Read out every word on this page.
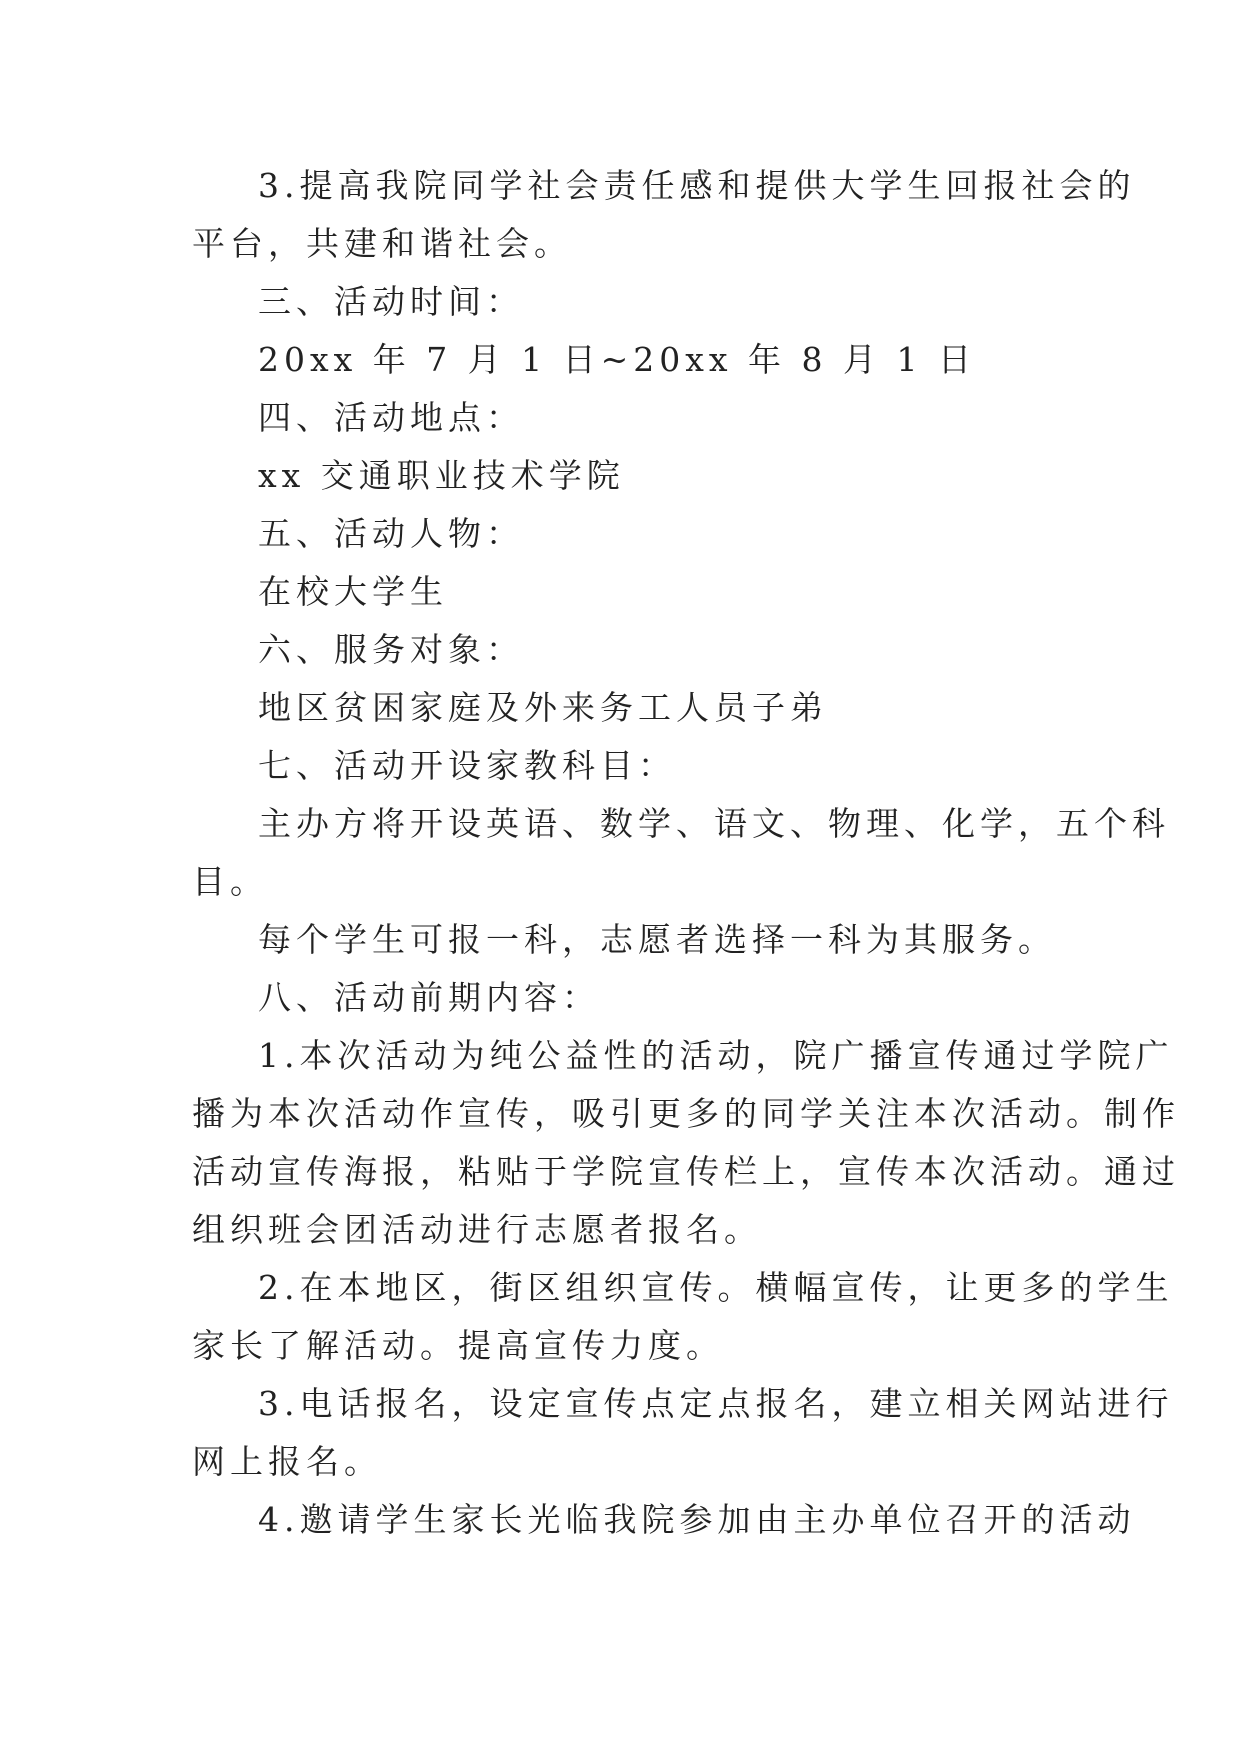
3.提高我院同学社会责任感和提供大学生回报社会的
平台，共建和谐社会。
三、活动时间：
20xx 年 7 月 1 日~20xx 年 8 月 1 日
四、活动地点：
xx 交通职业技术学院
五、活动人物：
在校大学生
六、服务对象：
地区贫困家庭及外来务工人员子弟
七、活动开设家教科目：
主办方将开设英语、数学、语文、物理、化学，五个科
目。
每个学生可报一科，志愿者选择一科为其服务。
八、活动前期内容：
1.本次活动为纯公益性的活动，院广播宣传通过学院广
播为本次活动作宣传，吸引更多的同学关注本次活动。制作
活动宣传海报，粘贴于学院宣传栏上，宣传本次活动。通过
组织班会团活动进行志愿者报名。
2.在本地区，街区组织宣传。横幅宣传，让更多的学生
家长了解活动。提高宣传力度。
3.电话报名，设定宣传点定点报名，建立相关网站进行
网上报名。
4.邀请学生家长光临我院参加由主办单位召开的活动
